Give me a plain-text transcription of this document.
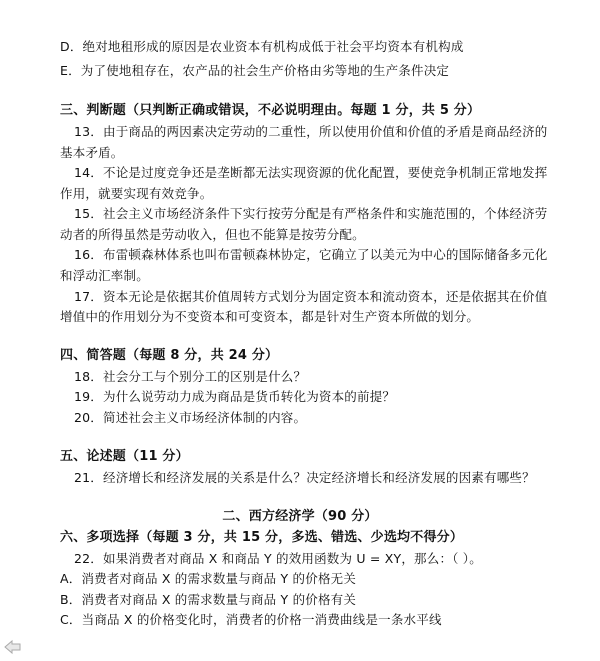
D．绝对地租形成的原因是农业资本有机构成低于社会平均资本有机构成
E．为了使地租存在，农产品的社会生产价格由劣等地的生产条件决定
三、判断题（只判断正确或错误，不必说明理由。每题 1 分，共 5 分）
13．由于商品的两因素决定劳动的二重性，所以使用价值和价值的矛盾是商品经济的
基本矛盾。
14．不论是过度竞争还是垄断都无法实现资源的优化配置，要使竞争机制正常地发挥
作用，就要实现有效竞争。
15．社会主义市场经济条件下实行按劳分配是有严格条件和实施范围的，个体经济劳
动者的所得虽然是劳动收入，但也不能算是按劳分配。
16．布雷顿森林体系也叫布雷顿森林协定，它确立了以美元为中心的国际储备多元化
和浮动汇率制。
17．资本无论是依据其价值周转方式划分为固定资本和流动资本，还是依据其在价值
增值中的作用划分为不变资本和可变资本，都是针对生产资本所做的划分。
四、简答题（每题 8 分，共 24 分）
18．社会分工与个别分工的区别是什么？
19．为什么说劳动力成为商品是货币转化为资本的前提？
20．简述社会主义市场经济体制的内容。
五、论述题（11 分）
21．经济增长和经济发展的关系是什么？决定经济增长和经济发展的因素有哪些？
二、西方经济学（90 分）
六、多项选择（每题 3 分，共 15 分，多选、错选、少选均不得分）
22．如果消费者对商品 X 和商品 Y 的效用函数为 U = XY，那么：（ ）。
A．消费者对商品 X 的需求数量与商品 Y 的价格无关
B．消费者对商品 X 的需求数量与商品 Y 的价格有关
C．当商品 X 的价格变化时，消费者的价格一消费曲线是一条水平线
